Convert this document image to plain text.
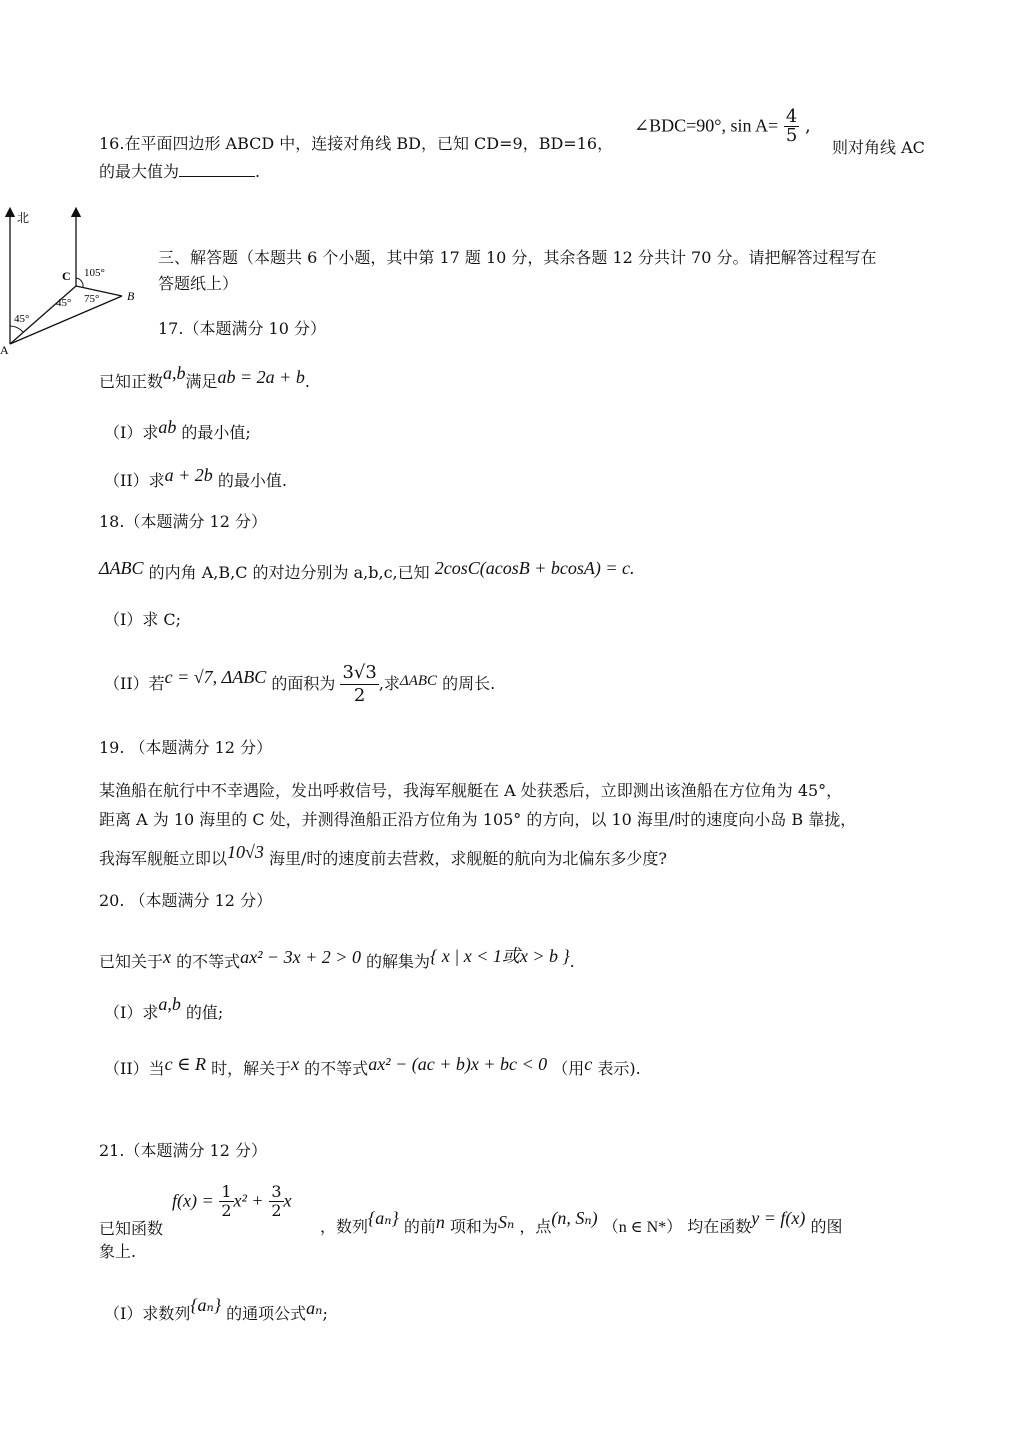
16.在平面四边形 ABCD 中，连接对角线 BD，已知 CD=9，BD=16，
∠BDC=90°, $\sin A= \frac{4}{5}$ ,
则对角线 AC
的最大值为	.
北
C
B
A
105°
45° 75°
45°
三、解答题（本题共 6 个小题，其中第 17 题 10 分，其余各题 12 分共计 70 分。请把解答过程写在
答题纸上）
17.（本题满分 10 分）
已知正数a,b满足ab = 2a + b.
（I）求ab 的最小值;
（II）求a + 2b 的最小值.
18.（本题满分 12 分）
ΔABC 的内角 A,B,C 的对边分别为 a,b,c,已知 2cosC(acosB + bcosA) = c.
（I）求 C;
（II）若c = √7, ΔABC 的面积为 $\frac{3√3}{2}$ ,求ΔABC 的周长.
19. （本题满分 12 分）
某渔船在航行中不幸遇险，发出呼救信号，我海军舰艇在 A 处获悉后，立即测出该渔船在方位角为 45°，
距离 A 为 10 海里的 C 处，并测得渔船正沿方位角为 105° 的方向，以 10 海里/时的速度向小岛 B 靠拢，
我海军舰艇立即以10√3 海里/时的速度前去营救，求舰艇的航向为北偏东多少度?
20. （本题满分 12 分）
已知关于x 的不等式ax² − 3x + 2 > 0 的解集为{ x | x < 1或x > b }.
（I）求a,b 的值;
（II）当c ∈ R 时，解关于x 的不等式ax² − (ac + b)x + bc < 0 （用c 表示).
21.（本题满分 12 分）
$f(x) = \frac{1}{2} x^2 + \frac{3}{2}$ x
已知函数	，数列{aₙ} 的前n 项和为Sₙ ，点(n, Sₙ) （n ∈ N*） 均在函数y = f(x) 的图
象上.
（I）求数列{aₙ} 的通项公式aₙ;
